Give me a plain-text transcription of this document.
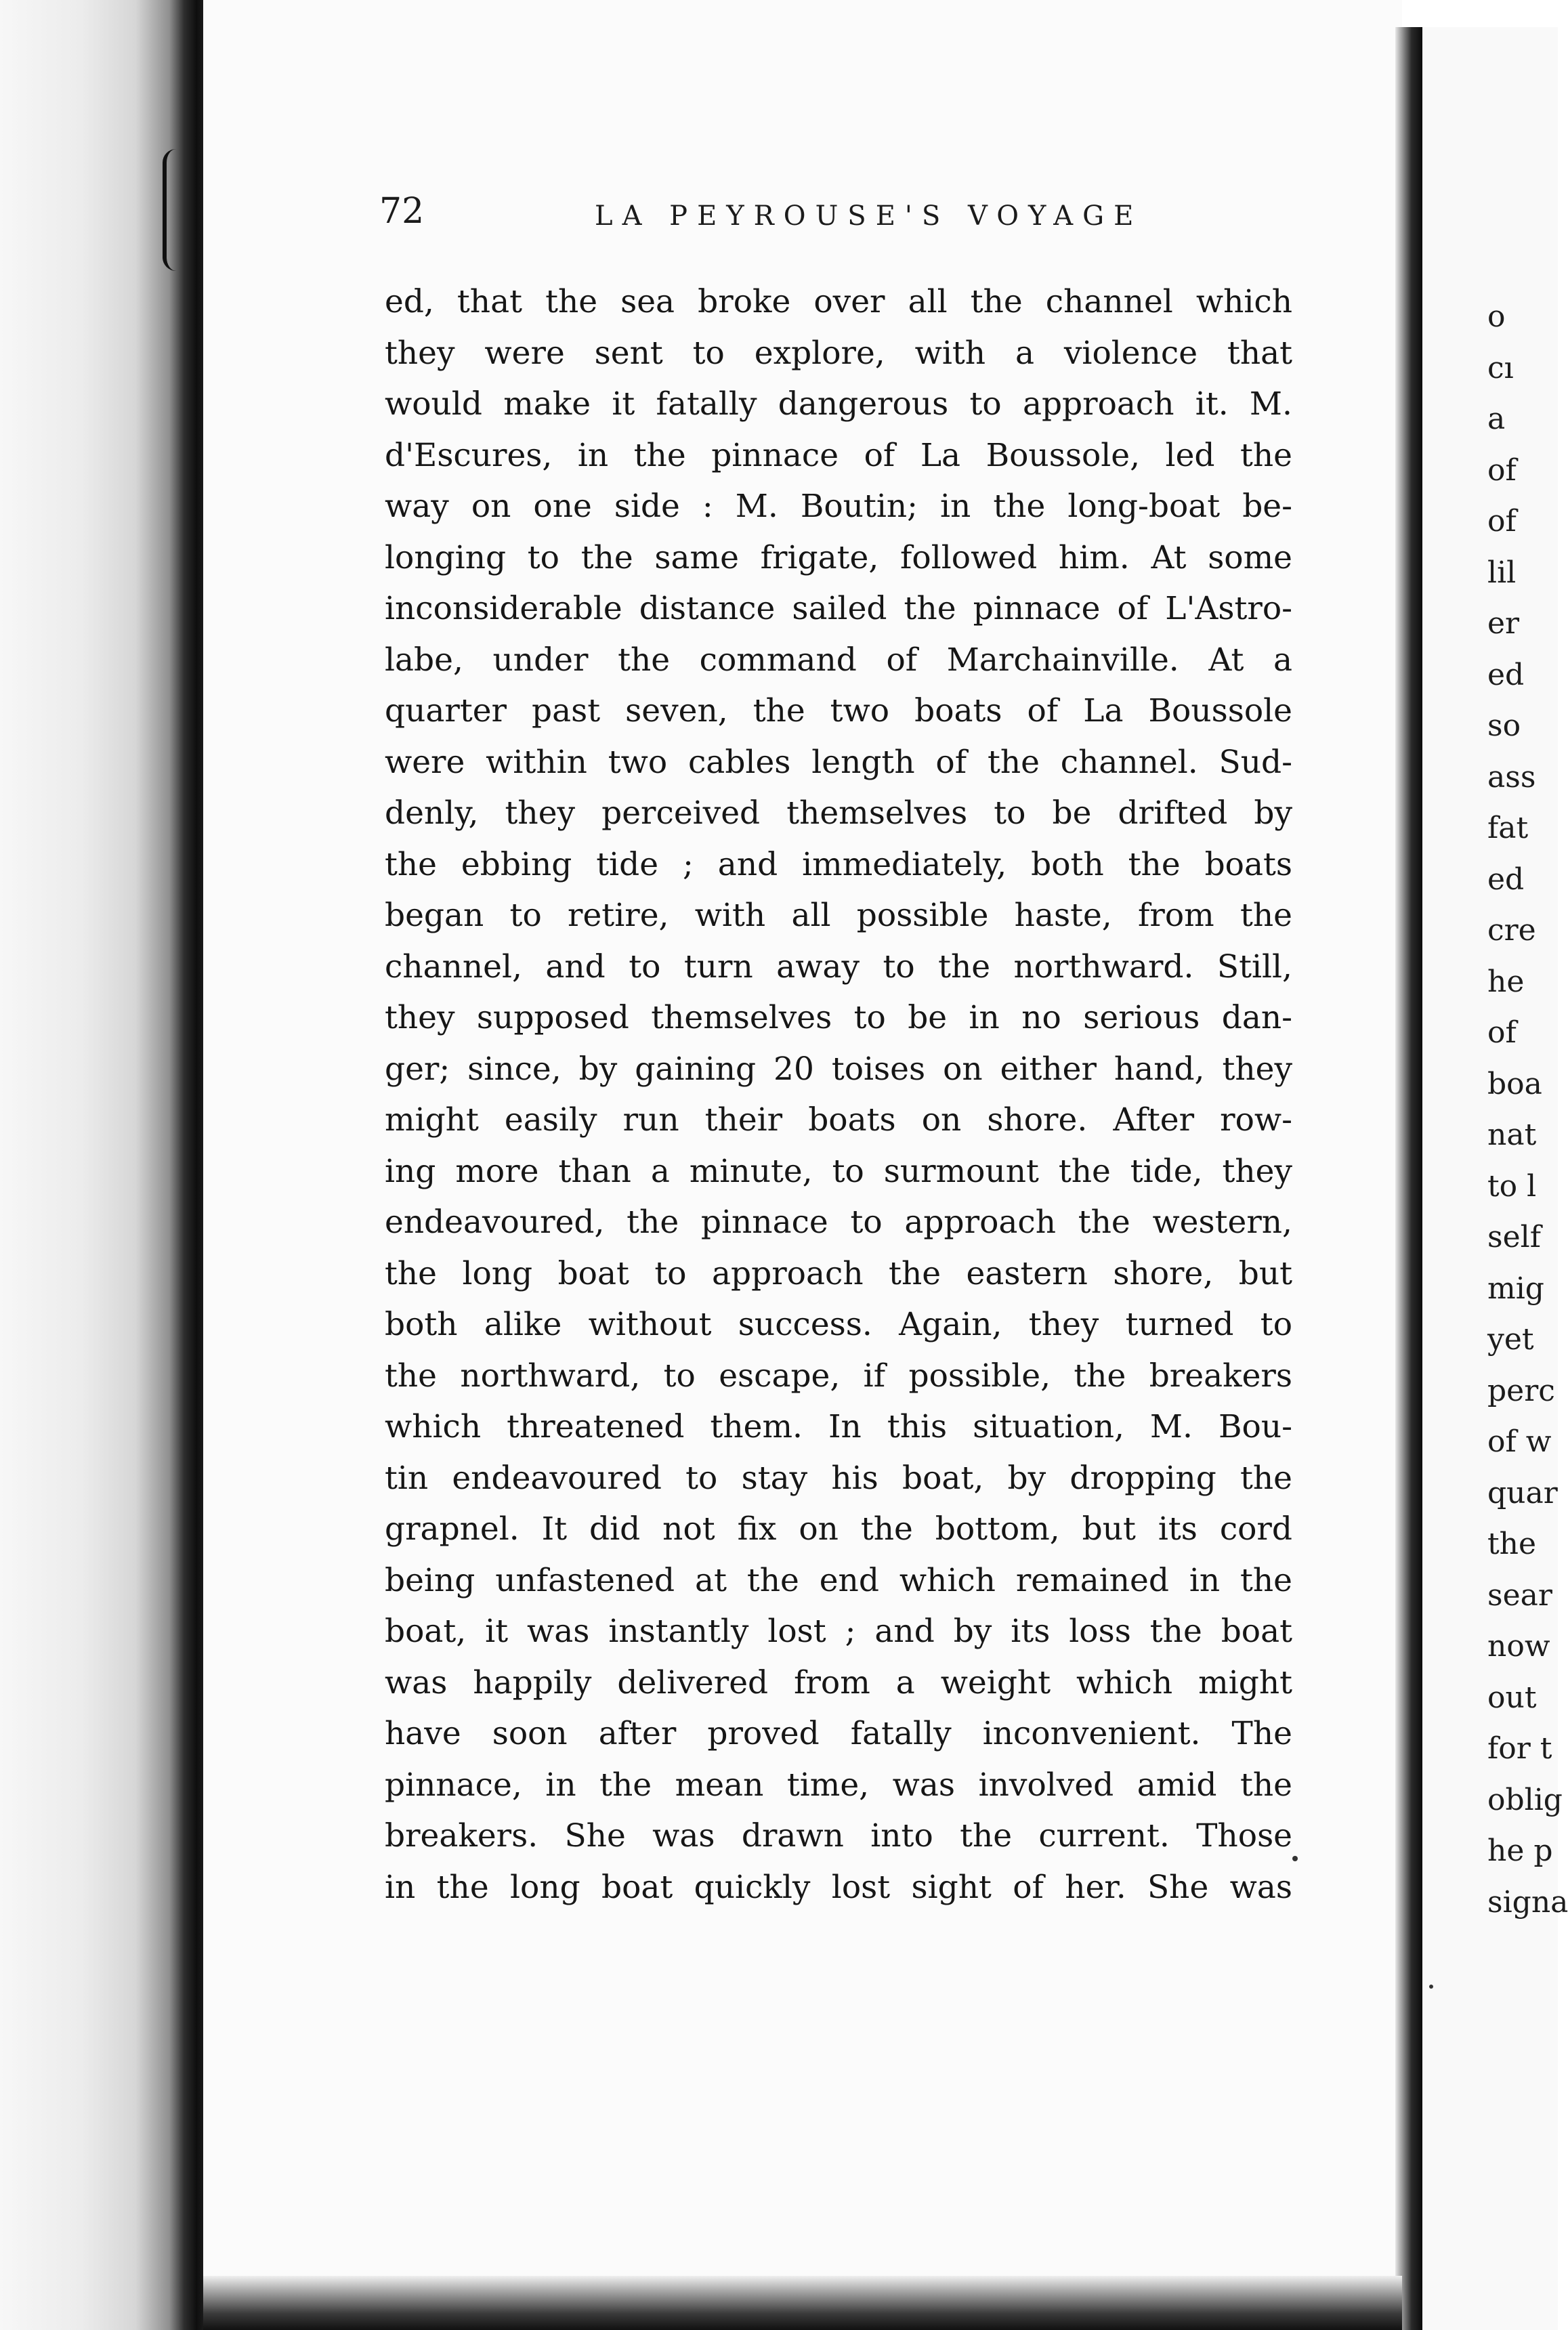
72	LA PEYROUSE'S VOYAGE
ed, that the sea broke over all the channel which
they were sent to explore, with a violence that
would make it fatally dangerous to approach it. M.
d'Escures, in the pinnace of La Boussole, led the
way on one side : M. Boutin; in the long-boat be-
longing to the same frigate, followed him. At some
inconsiderable distance sailed the pinnace of L'Astro-
labe, under the command of Marchainville. At a
quarter past seven, the two boats of La Boussole
were within two cables length of the channel. Sud-
denly, they perceived themselves to be drifted by
the ebbing tide ; and immediately, both the boats
began to retire, with all possible haste, from the
channel, and to turn away to the northward. Still,
they supposed themselves to be in no serious dan-
ger; since, by gaining 20 toises on either hand, they
might easily run their boats on shore. After row-
ing more than a minute, to surmount the tide, they
endeavoured, the pinnace to approach the western,
the long boat to approach the eastern shore, but
both alike without success. Again, they turned to
the northward, to escape, if possible, the breakers
which threatened them. In this situation, M. Bou-
tin endeavoured to stay his boat, by dropping the
grapnel. It did not fix on the bottom, but its cord
being unfastened at the end which remained in the
boat, it was instantly lost ; and by its loss the boat
was happily delivered from a weight which might
have soon after proved fatally inconvenient. The
pinnace, in the mean time, was involved amid the
breakers. She was drawn into the current. Those
in the long boat quickly lost sight of her. She was
o
cı
a
of
of
lil
er
ed
so
ass
fat
ed
cre
he
of
boa
nat
to l
self
mig
yet
perc
of w
quar
the
sear
now
out
for t
oblig
he p
signa
